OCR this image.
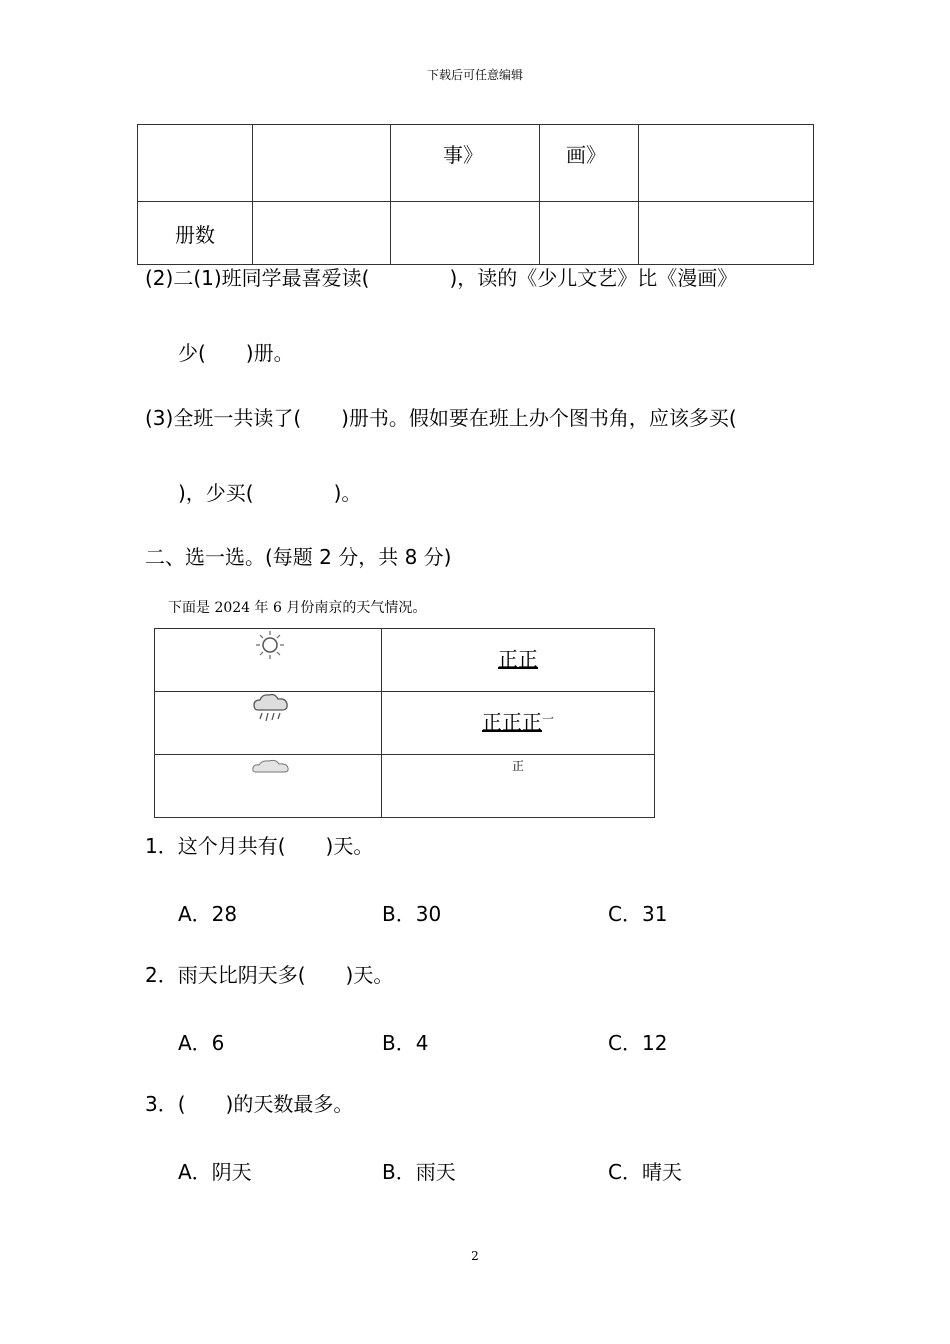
下载后可任意编辑
		事》	画》	
册数				
(2)二(1)班同学最喜爱读(　　　　)，读的《少儿文艺》比《漫画》
少(　　)册。
(3)全班一共读了(　　)册书。假如要在班上办个图书角，应该多买(
)，少买(　　　　)。
二、选一选。(每题 2 分，共 8 分)
下面是 2024 年 6 月份南京的天气情况。

正正

正正正$^一$

正
1．这个月共有(　　)天。
A．28	B．30	C．31
2．雨天比阴天多(　　)天。
A．6	B．4	C．12
3．(　　)的天数最多。
A．阴天	B．雨天	C．晴天
2
